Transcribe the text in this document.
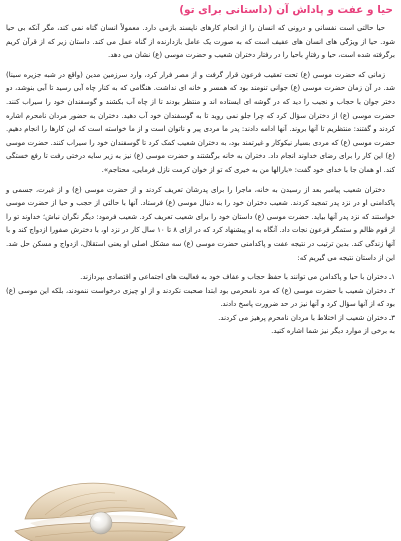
حیا و عفت و پاداش آن (داستانی برای تو)

حیا حالتی است نفسانی و درونی که انسان را از انجام کارهای ناپسند بازمی دارد. معمولاً انسان گناه نمی کند، مگر آنکه بی حیا شود. حیا از ویژگی های انسان های عفیف است که به صورت یک عامل بازدارنده از گناه عمل می کند. داستان زیر که از قرآن کریم برگرفته شده است، حیا و رفتارِ باحیا را در رفتار دختران شعیب و حضرت موسی (ع) نشان می دهد.

زمانی که حضرت موسی (ع) تحت تعقیب فرعون قرار گرفت و از مصر فرار کرد، وارد سرزمین مدین (واقع در شبه جزیره سینا) شد. در آن زمان حضرت موسی (ع) جوانی تنومند بود که همسر و خانه ای نداشت. هنگامی که به کنار چاه آبی رسید تا آبی بنوشد، دو دختر جوان با حجاب و نجیب را دید که در گوشه ای ایستاده اند و منتظر بودند تا از چاه آب بکشند و گوسفندان خود را سیراب کنند. حضرت موسی (ع) از دختران سؤال کرد که چرا جلو نمی روید تا به گوسفندان خود آب دهید. دختران به حضور مردان نامحرم اشاره کردند و گفتند: منتظریم تا آنها بروند. آنها ادامه دادند: پدر ما مردی پیر و ناتوان است و از ما خواسته است که این کارها را انجام دهیم. حضرت موسی (ع) که مردی بسیار نیکوکار و غیرتمند بود، به دختران شعیب کمک کرد تا گوسفندان خود را سیراب کنند. حضرت موسی (ع) این کار را برای رضای خداوند انجام داد. دختران به خانه برگشتند و حضرت موسی (ع) نیز به زیر سایه درختی رفت تا رفع خستگی کند. او همان جا با خدای خود گفت: «بارالها من به خیری که تو از خوان کرمت نازل فرمایی، محتاجم».

دختران شعیب پیامبر بعد از رسیدن به خانه، ماجرا را برای پدرشان تعریف کردند و از حضرت موسی (ع) و از غیرت، جسمی و پاکدامنی او در نزد پدر تمجید کردند. شعیب دختران خود را به دنبال موسی (ع) فرستاد. آنها با حالتی از حجب و حیا از حضرت موسی خواستند که نزد پدر آنها بیاید. حضرت موسی (ع) داستان خود را برای شعیب تعریف کرد. شعیب فرمود: دیگر نگران نباش؛ خداوند تو را از قوم ظالم و ستمگر فرعون نجات داد. آنگاه به او پیشنهاد کرد که در ازای ۸ تا ۱۰ سال کار در نزد او، با دخترش صفورا ازدواج کند و با آنها زندگی کند. بدین ترتیب در نتیجه عفت و پاکدامنی حضرت موسی (ع) سه مشکل اصلی او یعنی استقلال، ازدواج و مسکن حل شد. این از داستان نتیجه می گیریم که:

۱ـ دختران با حیا و پاکدامن می توانند با حفظ حجاب و عفاف خود به فعالیت های اجتماعی و اقتصادی بپردازند.

۲ـ دختران شعیب با حضرت موسی (ع) که مرد نامحرمی بود ابتدا صحبت نکردند و از او چیزی درخواست ننمودند، بلکه این موسی (ع) بود که از آنها سؤال کرد و آنها نیز در حد ضرورت پاسخ دادند.

۳ـ دختران شعیب از اختلاط با مردان نامحرم پرهیز می کردند.

به برخی از موارد دیگر نیز شما اشاره کنید.
